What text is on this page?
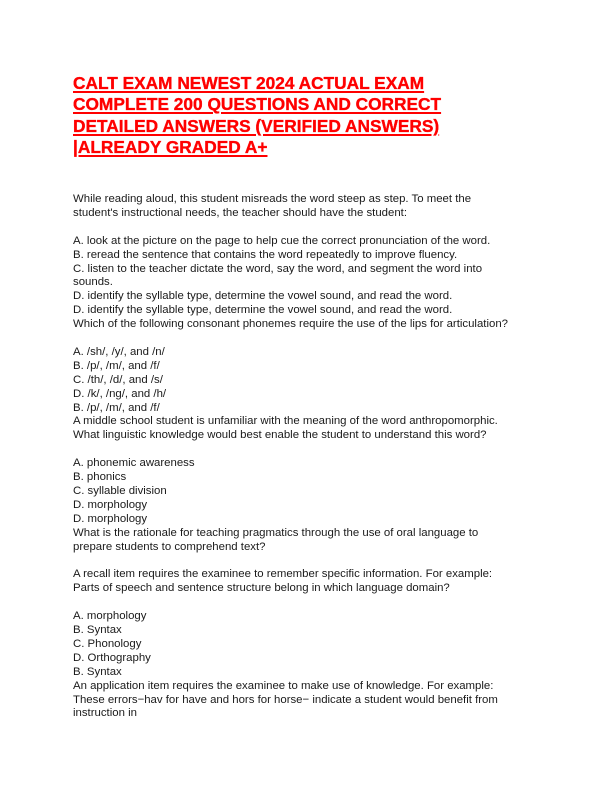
CALT EXAM NEWEST 2024 ACTUAL EXAM
COMPLETE 200 QUESTIONS AND CORRECT
DETAILED ANSWERS (VERIFIED ANSWERS)
|ALREADY GRADED A+
While reading aloud, this student misreads the word steep as step. To meet the
student's instructional needs, the teacher should have the student:
A. look at the picture on the page to help cue the correct pronunciation of the word.
B. reread the sentence that contains the word repeatedly to improve fluency.
C. listen to the teacher dictate the word, say the word, and segment the word into
sounds.
D. identify the syllable type, determine the vowel sound, and read the word.
D. identify the syllable type, determine the vowel sound, and read the word.
Which of the following consonant phonemes require the use of the lips for articulation?
A. /sh/, /y/, and /n/
B. /p/, /m/, and /f/
C. /th/, /d/, and /s/
D. /k/, /ng/, and /h/
B. /p/, /m/, and /f/
A middle school student is unfamiliar with the meaning of the word anthropomorphic.
What linguistic knowledge would best enable the student to understand this word?
A. phonemic awareness
B. phonics
C. syllable division
D. morphology
D. morphology
What is the rationale for teaching pragmatics through the use of oral language to
prepare students to comprehend text?
A recall item requires the examinee to remember specific information. For example:
Parts of speech and sentence structure belong in which language domain?
A. morphology
B. Syntax
C. Phonology
D. Orthography
B. Syntax
An application item requires the examinee to make use of knowledge. For example:
These errors−hav for have and hors for horse− indicate a student would benefit from
instruction in
